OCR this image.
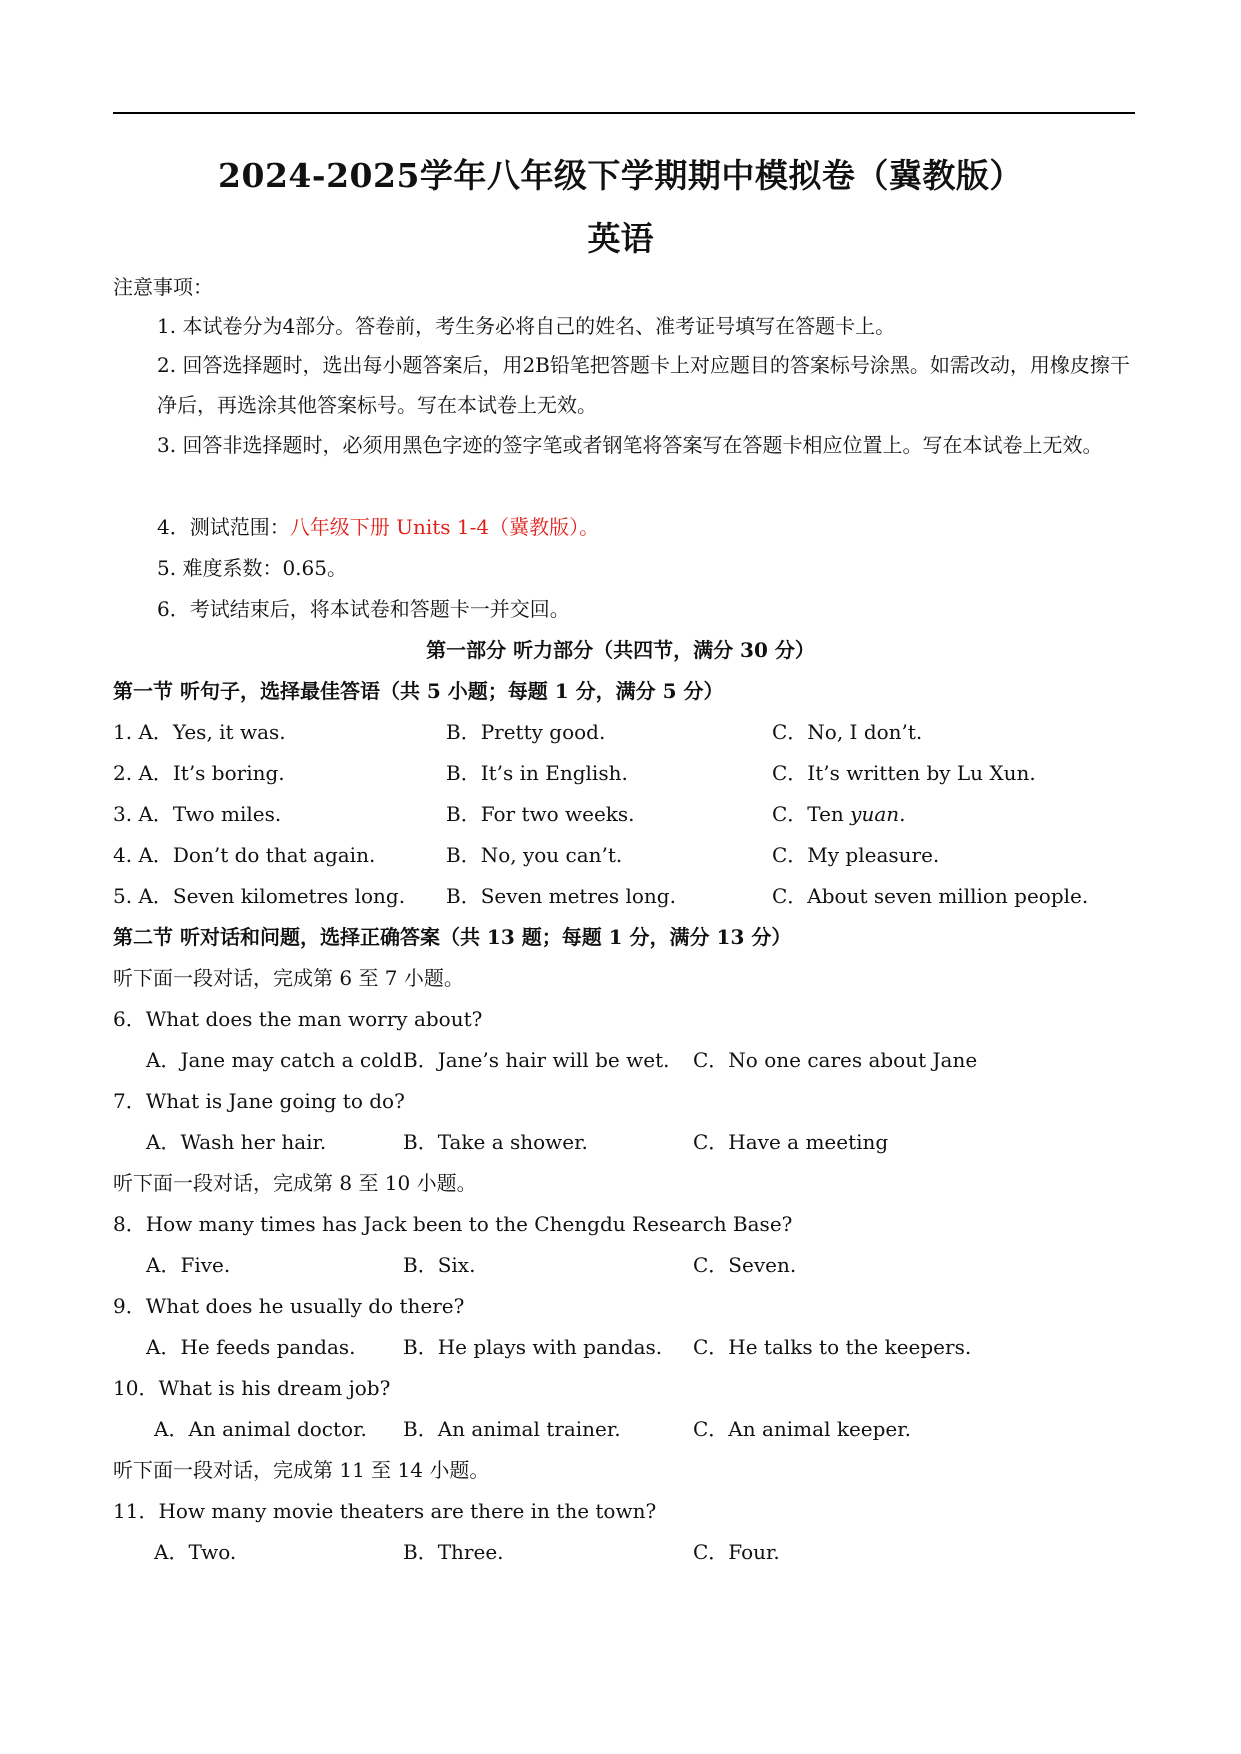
2024-2025学年八年级下学期期中模拟卷（冀教版）
英语
注意事项：
1. 本试卷分为4部分。答卷前，考生务必将自己的姓名、准考证号填写在答题卡上。
2. 回答选择题时，选出每小题答案后，用2B铅笔把答题卡上对应题目的答案标号涂黑。如需改动，用橡皮擦干净后，再选涂其他答案标号。写在本试卷上无效。
3. 回答非选择题时，必须用黑色字迹的签字笔或者钢笔将答案写在答题卡相应位置上。写在本试卷上无效。
4．测试范围：八年级下册 Units 1-4（冀教版）。
5. 难度系数：0.65。
6．考试结束后，将本试卷和答题卡一并交回。
第一部分 听力部分（共四节，满分 30 分）
第一节 听句子，选择最佳答语（共 5 小题；每题 1 分，满分 5 分）
1. A．Yes, it was.	B．Pretty good.	C．No, I don’t.
2. A．It’s boring.	B．It’s in English.	C．It’s written by Lu Xun.
3. A．Two miles.	B．For two weeks.	C．Ten yuan.
4. A．Don’t do that again.	B．No, you can’t.	C．My pleasure.
5. A．Seven kilometres long. B．Seven metres long.	C．About seven million people.
第二节 听对话和问题，选择正确答案（共 13 题；每题 1 分，满分 13 分）
听下面一段对话，完成第 6 至 7 小题。
6．What does the man worry about?
A．Jane may catch a cold B．Jane’s hair will be wet. C．No one cares about Jane
7．What is Jane going to do?
A．Wash her hair.	B．Take a shower.	C．Have a meeting
听下面一段对话，完成第 8 至 10 小题。
8．How many times has Jack been to the Chengdu Research Base?
A．Five.	B．Six.	C．Seven.
9．What does he usually do there?
A．He feeds pandas. B．He plays with pandas. C．He talks to the keepers.
10．What is his dream job?
A．An animal doctor. B．An animal trainer.	C．An animal keeper.
听下面一段对话，完成第 11 至 14 小题。
11．How many movie theaters are there in the town?
A．Two.	B．Three.	C．Four.
